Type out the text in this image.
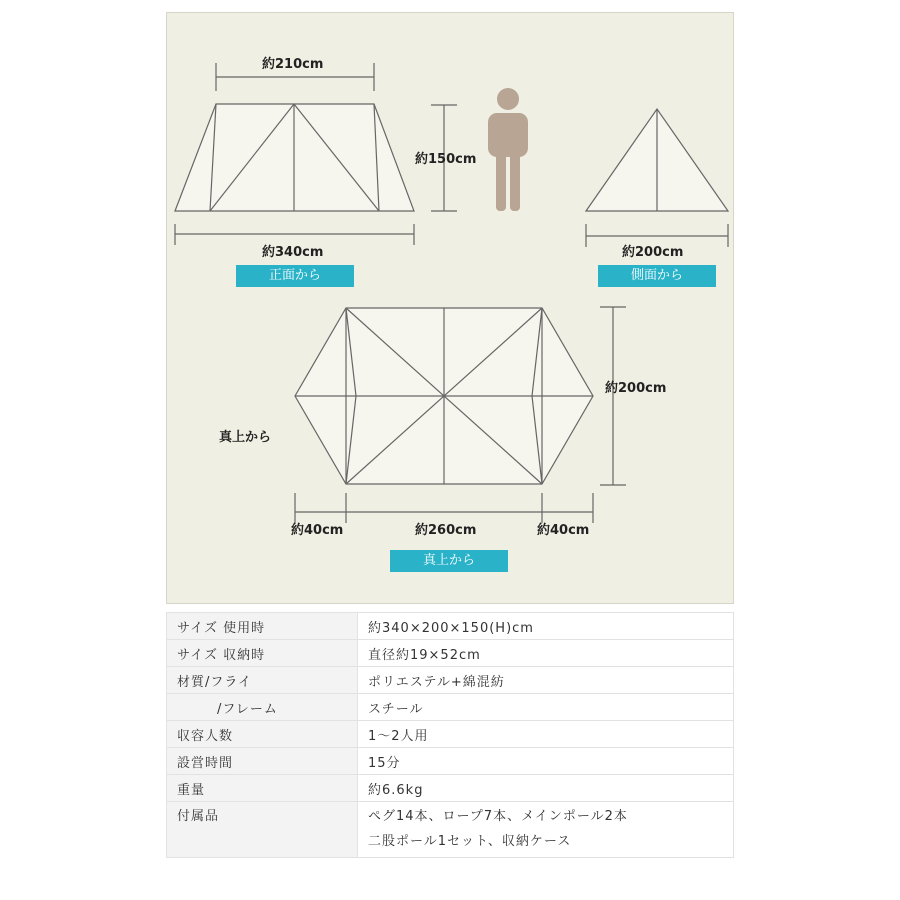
約210cm
約150cm
約340cm
正面から
約200cm
側面から
真上から
約200cm
約40cm	約260cm	約40cm
真上から
サイズ 使用時	約340×200×150(H)cm
サイズ 収納時	直径約19×52cm
材質/フライ	ポリエステル+綿混紡
/フレーム	スチール
収容人数	1〜2人用
設営時間	15分
重量	約6.6kg
付属品	ペグ14本、ロープ7本、メインポール2本
二股ポール1セット、収納ケース
